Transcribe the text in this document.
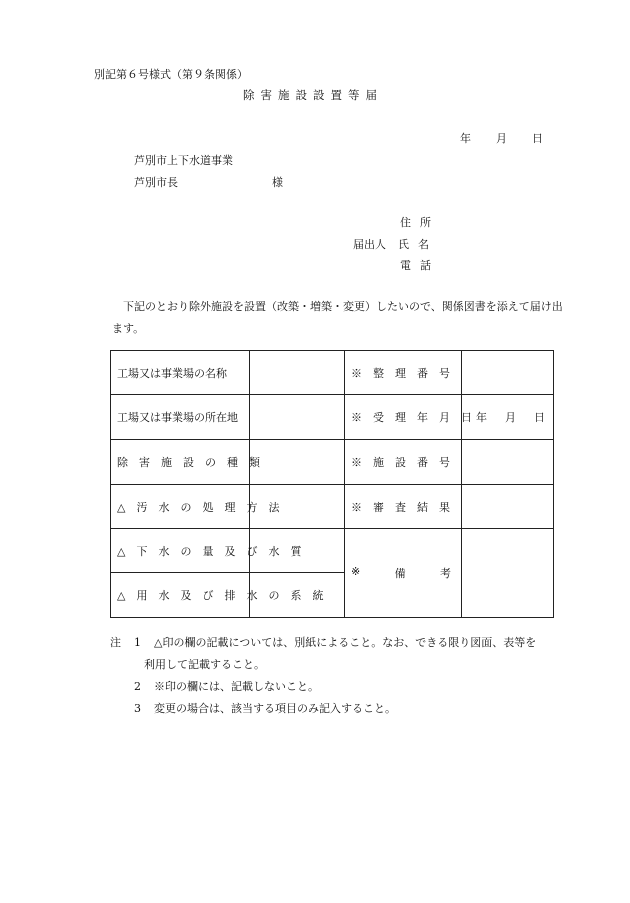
別記第６号様式（第９条関係）
除害施設設置等届
年 月 日
芦別市上下水道事業
芦別市長	様
住所
届出人 氏名
電話
下記のとおり除外施設を設置（改築・増築・変更）したいので、関係図書を添えて届け出ます。
工場又は事業場の名称		※　整　理　番　号	
工場又は事業場の所在地		※　受　理　年　月　日	年 月 日

除　害　施　設　の　種　類		※　施　設　番　号	
△　汚　水　の　処　理　方　法		※　審　査　結　果	
△　下　水　の　量　及　び　水　質		※ 備 考	

△　用　水　及　び　排　水　の　系　統			
注 1 △印の欄の記載については、別紙によること。なお、できる限り図面、表等を
利用して記載すること。
2 ※印の欄には、記載しないこと。
3 変更の場合は、該当する項目のみ記入すること。
